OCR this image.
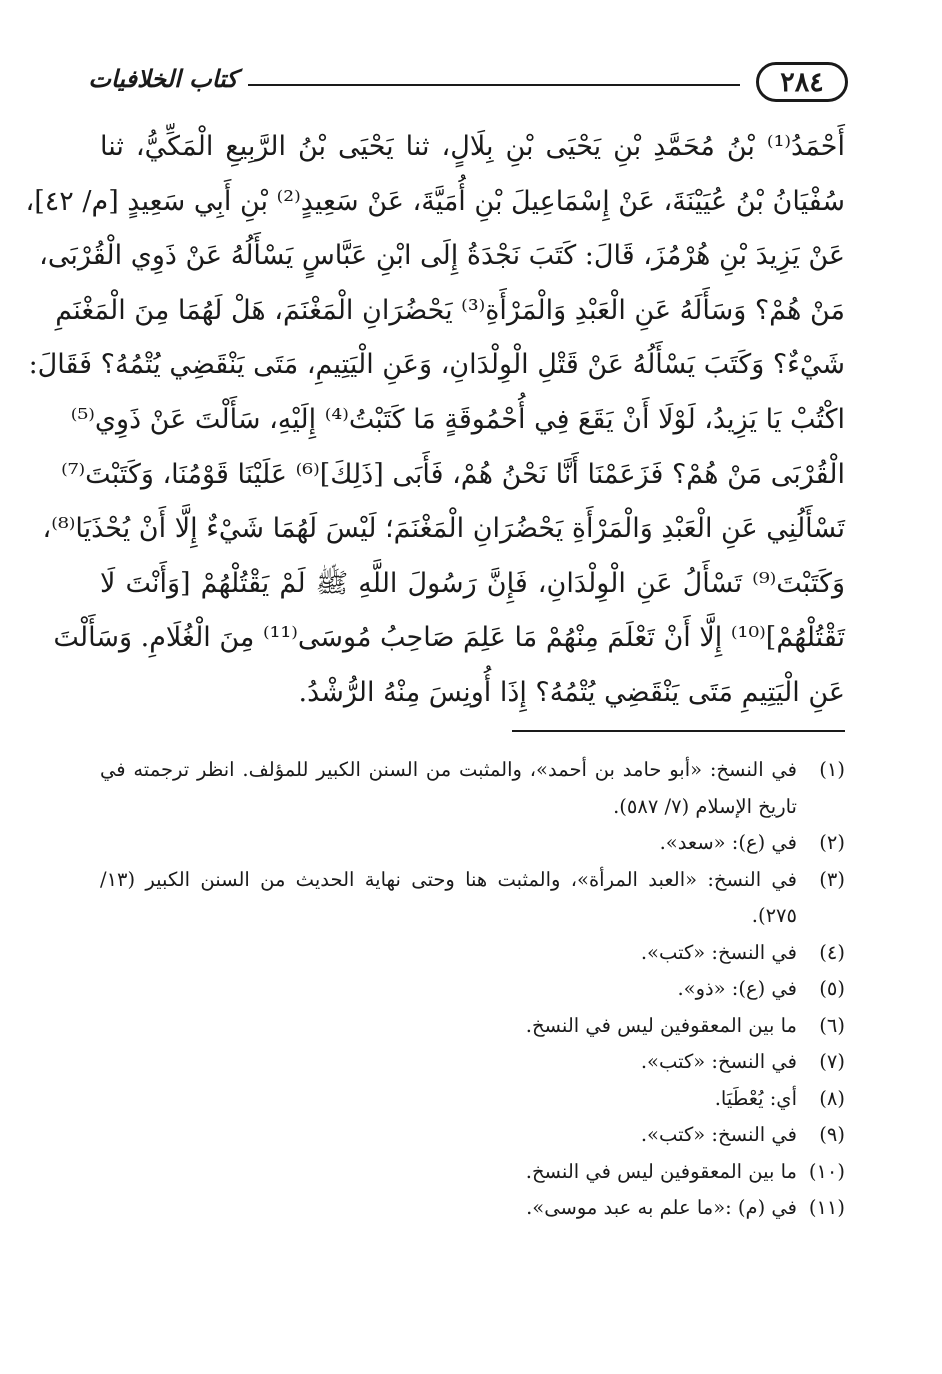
٢٨٤
كتاب الخلافيات
أَحْمَدُ⁽¹⁾ بْنُ مُحَمَّدِ بْنِ يَحْيَى بْنِ بِلَالٍ، ثنا يَحْيَى بْنُ الرَّبِيعِ الْمَكِّيُّ، ثنا
سُفْيَانُ بْنُ عُيَيْنَةَ، عَنْ إِسْمَاعِيلَ بْنِ أُمَيَّةَ، عَنْ سَعِيدٍ⁽²⁾ بْنِ أَبِي سَعِيدٍ [م/ ٤٢]،
عَنْ يَزِيدَ بْنِ هُرْمُزَ، قَالَ: كَتَبَ نَجْدَةُ إِلَى ابْنِ عَبَّاسٍ يَسْأَلُهُ عَنْ ذَوِي الْقُرْبَى،
مَنْ هُمْ؟ وَسَأَلَهُ عَنِ الْعَبْدِ وَالْمَرْأَةِ⁽³⁾ يَحْضُرَانِ الْمَغْنَمَ، هَلْ لَهُمَا مِنَ الْمَغْنَمِ
شَيْءٌ؟ وَكَتَبَ يَسْأَلُهُ عَنْ قَتْلِ الْوِلْدَانِ، وَعَنِ الْيَتِيمِ، مَتَى يَنْقَضِي يُتْمُهُ؟ فَقَالَ:
اكْتُبْ يَا يَزِيدُ، لَوْلَا أَنْ يَقَعَ فِي أُحْمُوقَةٍ مَا كَتَبْتُ⁽⁴⁾ إِلَيْهِ، سَأَلْتَ عَنْ ذَوِي⁽⁵⁾
الْقُرْبَى مَنْ هُمْ؟ فَزَعَمْنَا أَنَّا نَحْنُ هُمْ، فَأَبَى [ذَلِكَ]⁽⁶⁾ عَلَيْنَا قَوْمُنَا، وَكَتَبْتَ⁽⁷⁾
تَسْأَلُنِي عَنِ الْعَبْدِ وَالْمَرْأَةِ يَحْضُرَانِ الْمَغْنَمَ؛ لَيْسَ لَهُمَا شَيْءٌ إِلَّا أَنْ يُحْذَيَا⁽⁸⁾،
وَكَتَبْتَ⁽⁹⁾ تَسْأَلُ عَنِ الْوِلْدَانِ، فَإِنَّ رَسُولَ اللَّهِ ﷺ لَمْ يَقْتُلْهُمْ [وَأَنْتَ لَا
تَقْتُلْهُمْ]⁽¹⁰⁾ إِلَّا أَنْ تَعْلَمَ مِنْهُمْ مَا عَلِمَ صَاحِبُ مُوسَى⁽¹¹⁾ مِنَ الْغُلَامِ. وَسَأَلْتَ
عَنِ الْيَتِيمِ مَتَى يَنْقَضِي يُتْمُهُ؟ إِذَا أُونِسَ مِنْهُ الرُّشْدُ.
(١)
في النسخ: «أبو حامد بن أحمد»، والمثبت من السنن الكبير للمؤلف. انظر ترجمته في تاريخ الإسلام (٧/ ٥٨٧).
(٢)
في (ع): «سعد».
(٣)
في النسخ: «العبد المرأة»، والمثبت هنا وحتى نهاية الحديث من السنن الكبير (١٣/ ٢٧٥).
(٤)
في النسخ: «كتب».
(٥)
في (ع): «ذو».
(٦)
ما بين المعقوفين ليس في النسخ.
(٧)
في النسخ: «كتب».
(٨)
أي: يُعْطَيَا.
(٩)
في النسخ: «كتب».
(١٠)
ما بين المعقوفين ليس في النسخ.
(١١)
في (م) :«ما علم به عبد موسى».
